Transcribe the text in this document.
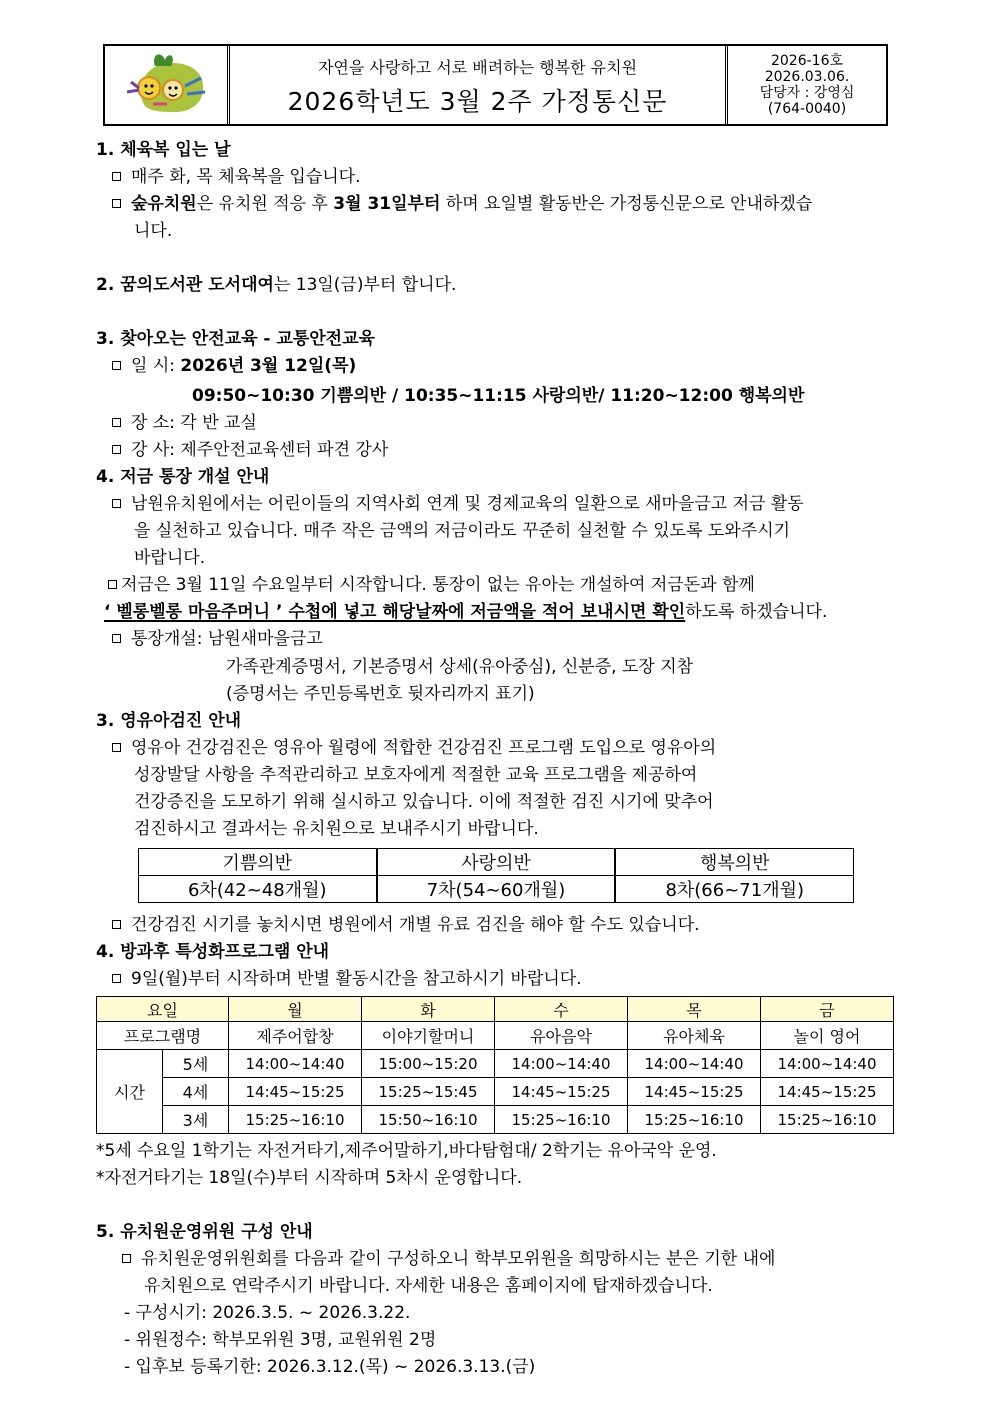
자연을 사랑하고 서로 배려하는 행복한 유치원
2026학년도 3월 2주 가정통신문
2026-16호
2026.03.06.
담당자 : 강영심
(764-0040)
1. 체육복 입는 날
매주 화, 목 체육복을 입습니다.
숲유치원은 유치원 적응 후 3월 31일부터 하며 요일별 활동반은 가정통신문으로 안내하겠습
니다.
2. 꿈의도서관 도서대여는 13일(금)부터 합니다.
3. 찾아오는 안전교육 - 교통안전교육
일 시: 2026년 3월 12일(목)
09:50~10:30 기쁨의반 / 10:35~11:15 사랑의반/ 11:20~12:00 행복의반
장 소: 각 반 교실
강 사: 제주안전교육센터 파견 강사
4. 저금 통장 개설 안내
남원유치원에서는 어린이들의 지역사회 연계 및 경제교육의 일환으로 새마을금고 저금 활동
을 실천하고 있습니다. 매주 작은 금액의 저금이라도 꾸준히 실천할 수 있도록 도와주시기
바랍니다.
저금은 3월 11일 수요일부터 시작합니다. 통장이 없는 유아는 개설하여 저금돈과 함께
‘ 벨롱벨롱 마음주머니 ’ 수첩에 넣고 해당날짜에 저금액을 적어 보내시면 확인하도록 하겠습니다.
통장개설: 남원새마을금고
가족관계증명서, 기본증명서 상세(유아중심), 신분증, 도장 지참
(증명서는 주민등록번호 뒷자리까지 표기)
3. 영유아검진 안내
영유아 건강검진은 영유아 월령에 적합한 건강검진 프로그램 도입으로 영유아의
성장발달 사항을 추적관리하고 보호자에게 적절한 교육 프로그램을 제공하여
건강증진을 도모하기 위해 실시하고 있습니다. 이에 적절한 검진 시기에 맞추어
검진하시고 결과서는 유치원으로 보내주시기 바랍니다.
기쁨의반	사랑의반	행복의반
6차(42~48개월)	7차(54~60개월)	8차(66~71개월)
건강검진 시기를 놓치시면 병원에서 개별 유료 검진을 해야 할 수도 있습니다.
4. 방과후 특성화프로그램 안내
9일(월)부터 시작하며 반별 활동시간을 참고하시기 바랍니다.
요일		월	화	수	목	금
프로그램명		제주어합창	이야기할머니	유아음악	유아체육	놀이 영어
시간	5세	14:00~14:40	15:00~15:20	14:00~14:40	14:00~14:40	14:00~14:40
	4세	14:45~15:25	15:25~15:45	14:45~15:25	14:45~15:25	14:45~15:25
	3세	15:25~16:10	15:50~16:10	15:25~16:10	15:25~16:10	15:25~16:10
*5세 수요일 1학기는 자전거타기,제주어말하기,바다탐험대/ 2학기는 유아국악 운영.
*자전거타기는 18일(수)부터 시작하며 5차시 운영합니다.
5. 유치원운영위원 구성 안내
유치원운영위원회를 다음과 같이 구성하오니 학부모위원을 희망하시는 분은 기한 내에
유치원으로 연락주시기 바랍니다. 자세한 내용은 홈페이지에 탑재하겠습니다.
- 구성시기: 2026.3.5. ~ 2026.3.22.
- 위원정수: 학부모위원 3명, 교원위원 2명
- 입후보 등록기한: 2026.3.12.(목) ~ 2026.3.13.(금)
